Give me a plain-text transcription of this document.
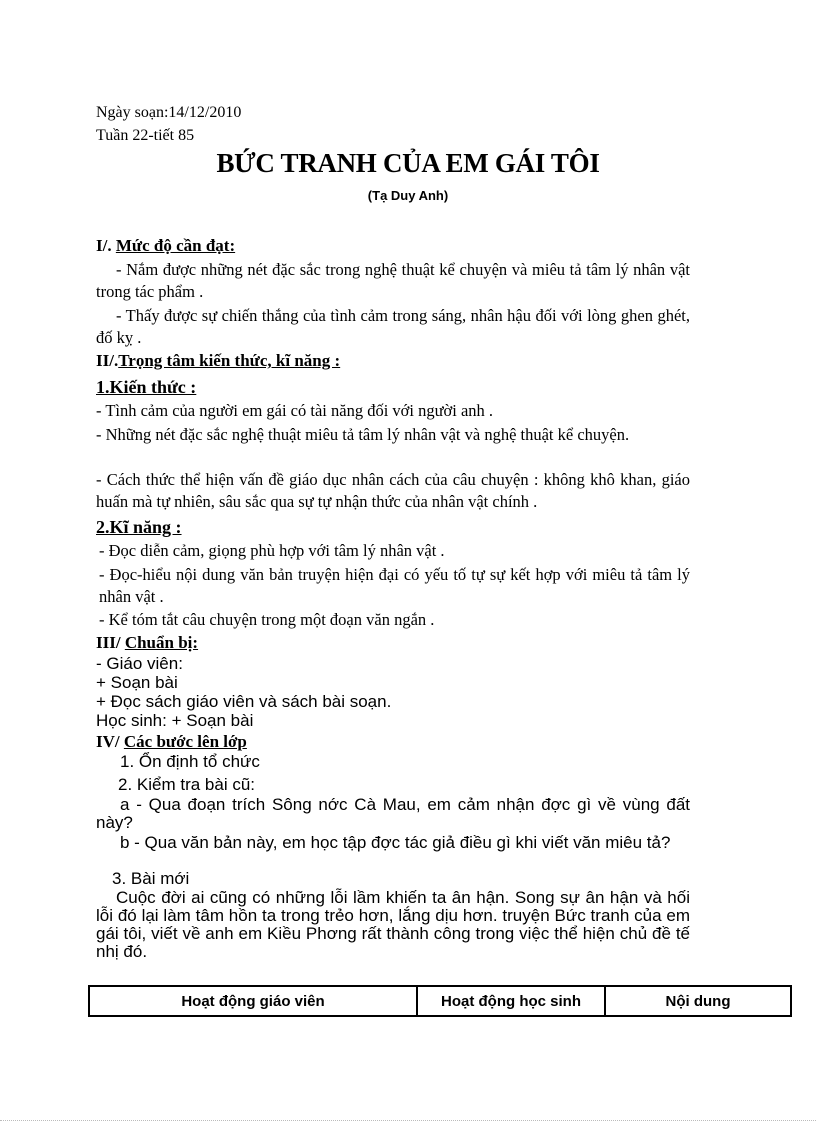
Ngày soạn:14/12/2010
Tuần 22-tiết 85
BỨC TRANH CỦA EM GÁI TÔI
(Tạ Duy Anh)
I/. Mức độ cần đạt:
- Nắm được những nét đặc sắc trong nghệ thuật kể chuyện và miêu tả tâm lý nhân vật trong tác phẩm .
- Thấy được sự chiến thắng của tình cảm trong sáng, nhân hậu đối với lòng ghen ghét, đố kỵ .
II/.Trọng tâm kiến thức, kĩ năng :
1.Kiến thức :
- Tình cảm của người em gái có tài năng đối với người anh .
- Những nét đặc sắc nghệ thuật miêu tả tâm lý nhân vật và nghệ thuật kể chuyện.
- Cách thức thể hiện vấn đề giáo dục nhân cách của câu chuyện : không khô khan, giáo huấn mà tự nhiên, sâu sắc qua sự tự nhận thức của nhân vật chính .
2.Kĩ năng :
- Đọc diễn cảm, giọng phù hợp với tâm lý nhân vật .
- Đọc-hiểu nội dung văn bản truyện hiện đại có yếu tố tự sự kết hợp với miêu tả tâm lý nhân vật .
- Kể tóm tắt câu chuyện trong một đoạn văn ngắn .
III/ Chuẩn bị:
- Giáo viên:
+ Soạn bài
+ Đọc sách giáo viên và sách bài soạn.
Học sinh: + Soạn bài
IV/ Các bước lên lớp
1. Ổn định tổ chức
2. Kiểm tra bài cũ:
a - Qua đoạn trích Sông nớc Cà Mau, em cảm nhận đợc gì về vùng đất này?
b - Qua văn bản này, em học tập đợc tác giả điều gì khi viết văn miêu tả?
3. Bài mới
Cuộc đời ai cũng có những lỗi lầm khiến ta ân hận. Song sự ân hận và hối lỗi đó lại làm tâm hồn ta trong trẻo hơn, lắng dịu hơn. truyện Bức tranh của em gái tôi, viết về anh em Kiều Phơng rất thành công trong việc thể hiện chủ đề tế nhị đó.
Hoạt động giáo viên	Hoạt động học sinh	Nội dung
